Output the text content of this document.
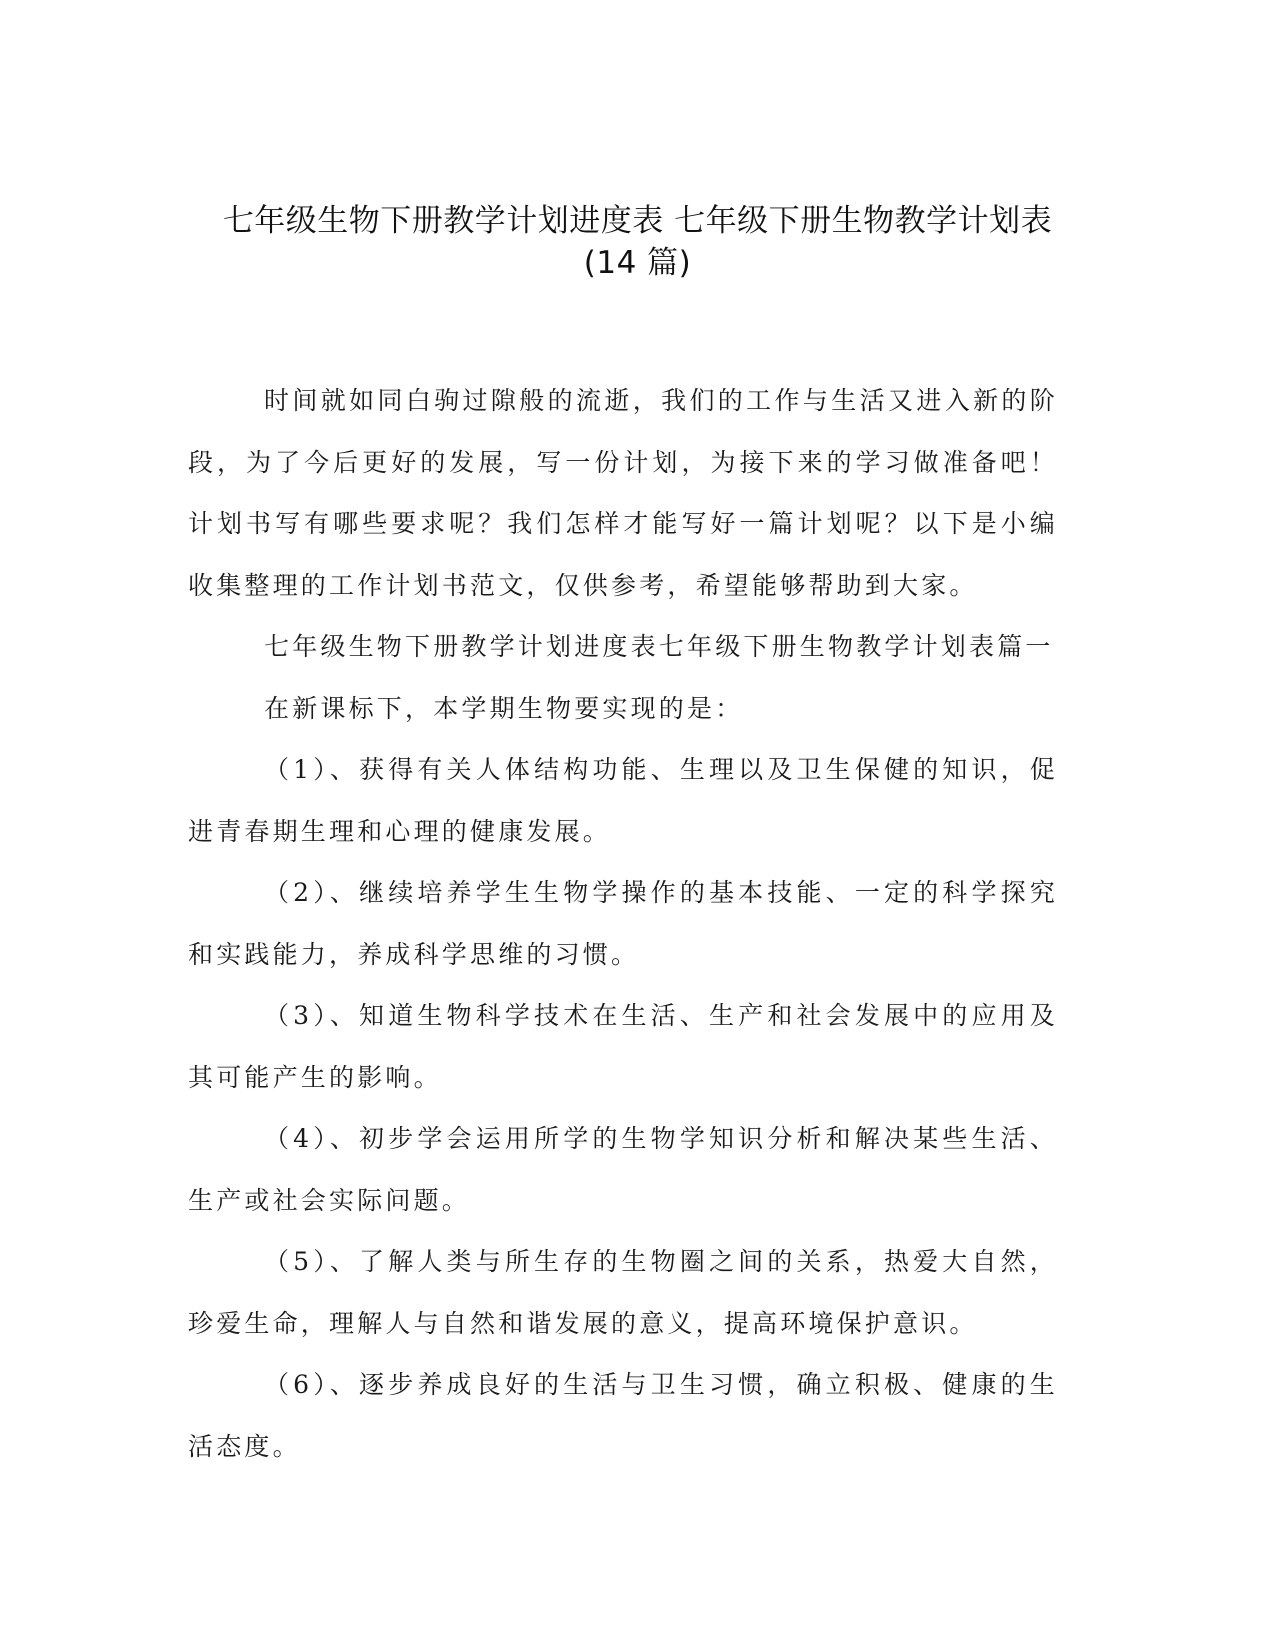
七年级生物下册教学计划进度表 七年级下册生物教学计划表
(14 篇)

时间就如同白驹过隙般的流逝，我们的工作与生活又进入新的阶段，为了今后更好的发展，写一份计划，为接下来的学习做准备吧！计划书写有哪些要求呢？我们怎样才能写好一篇计划呢？以下是小编收集整理的工作计划书范文，仅供参考，希望能够帮助到大家。

七年级生物下册教学计划进度表七年级下册生物教学计划表篇一

在新课标下，本学期生物要实现的是：

（1）、获得有关人体结构功能、生理以及卫生保健的知识，促进青春期生理和心理的健康发展。

（2）、继续培养学生生物学操作的基本技能、一定的科学探究和实践能力，养成科学思维的习惯。

（3）、知道生物科学技术在生活、生产和社会发展中的应用及其可能产生的影响。

（4）、初步学会运用所学的生物学知识分析和解决某些生活、生产或社会实际问题。

（5）、了解人类与所生存的生物圈之间的关系，热爱大自然，珍爱生命，理解人与自然和谐发展的意义，提高环境保护意识。

（6）、逐步养成良好的生活与卫生习惯，确立积极、健康的生活态度。
